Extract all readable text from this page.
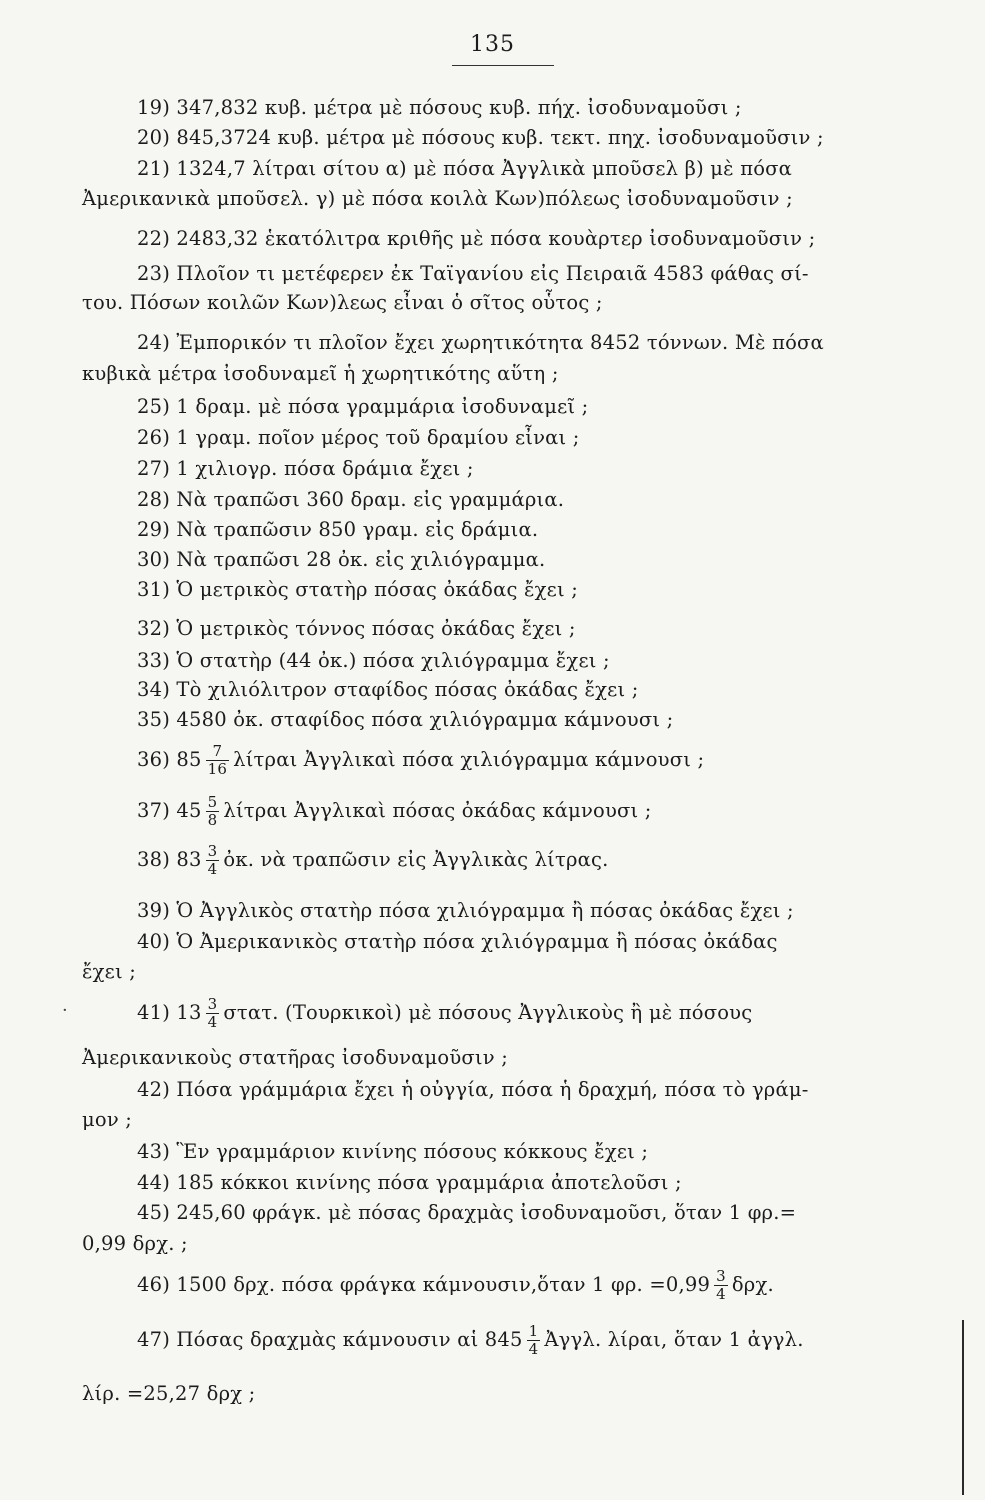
135
19) 347,832 κυβ. μέτρα μὲ πόσους κυβ. πήχ. ἰσοδυναμοῦσι ;
20) 845,3724 κυβ. μέτρα μὲ πόσους κυβ. τεκτ. πηχ. ἰσοδυναμοῦσιν ;
21) 1324,7 λίτραι σίτου α) μὲ πόσα Ἀγγλικὰ μποῦσελ β) μὲ πόσα
Ἀμερικανικὰ μποῦσελ. γ) μὲ πόσα κοιλὰ Κων)πόλεως ἰσοδυναμοῦσιν ;
22) 2483,32 ἑκατόλιτρα κριθῆς μὲ πόσα κουὰρτερ ἰσοδυναμοῦσιν ;
23) Πλοῖον τι μετέφερεν ἐκ Ταϊγανίου εἰς Πειραιᾶ 4583 φάθας σί-
του. Πόσων κοιλῶν Κων)λεως εἶναι ὁ σῖτος οὗτος ;
24) Ἐμπορικόν τι πλοῖον ἔχει χωρητικότητα 8452 τόννων. Μὲ πόσα
κυβικὰ μέτρα ἰσοδυναμεῖ ἡ χωρητικότης αὕτη ;
25) 1 δραμ. μὲ πόσα γραμμάρια ἰσοδυναμεῖ ;
26) 1 γραμ. ποῖον μέρος τοῦ δραμίου εἶναι ;
27) 1 χιλιογρ. πόσα δράμια ἔχει ;
28) Νὰ τραπῶσι 360 δραμ. εἰς γραμμάρια.
29) Νὰ τραπῶσιν 850 γραμ. εἰς δράμια.
30) Νὰ τραπῶσι 28 ὀκ. εἰς χιλιόγραμμα.
31) Ὁ μετρικὸς στατὴρ πόσας ὀκάδας ἔχει ;
32) Ὁ μετρικὸς τόννος πόσας ὀκάδας ἔχει ;
33) Ὁ στατὴρ (44 ὀκ.) πόσα χιλιόγραμμα ἔχει ;
34) Τὸ χιλιόλιτρον σταφίδος πόσας ὀκάδας ἔχει ;
35) 4580 ὀκ. σταφίδος πόσα χιλιόγραμμα κάμνουσι ;
36) $85 \frac{7}{16}$ λίτραι Ἀγγλικαὶ πόσα χιλιόγραμμα κάμνουσι ;
37) $45 \frac{5}{8}$ λίτραι Ἀγγλικαὶ πόσας ὀκάδας κάμνουσι ;
38) $83 \frac{3}{4}$ ὀκ. νὰ τραπῶσιν εἰς Ἀγγλικὰς λίτρας.
39) Ὁ Ἀγγλικὸς στατὴρ πόσα χιλιόγραμμα ἢ πόσας ὀκάδας ἔχει ;
40) Ὁ Ἀμερικανικὸς στατὴρ πόσα χιλιόγραμμα ἢ πόσας ὀκάδας
ἔχει ;
41) $13 \frac{3}{4} \sigma\tau\alpha\tau$. (Τουρκικοὶ) μὲ πόσους Ἀγγλικοὺς ἢ μὲ πόσους
Ἀμερικανικοὺς στατῆρας ἰσοδυναμοῦσιν ;
42) Πόσα γράμμάρια ἔχει ἡ οὐγγία, πόσα ἡ δραχμή, πόσα τὸ γράμ-
μον ;
43) Ἓν γραμμάριον κινίνης πόσους κόκκους ἔχει ;
44) 185 κόκκοι κινίνης πόσα γραμμάρια ἀποτελοῦσι ;
45) 245,60 φράγκ. μὲ πόσας δραχμὰς ἰσοδυναμοῦσι, ὅταν 1 φρ.=
0,99 δρχ. ;
46) 1500 δρχ. πόσα φράγκα κάμνουσιν,ὅταν 1 φρ. $=0,99 \frac{3}{4} \delta\rho\chi$.
47) Πόσας δραχμὰς κάμνουσιν αἱ $845 \frac{1}{4}$ Ἀγγλ. λίραι, ὅταν 1 ἀγγλ.
λίρ. =25,27 δρχ ;
·
